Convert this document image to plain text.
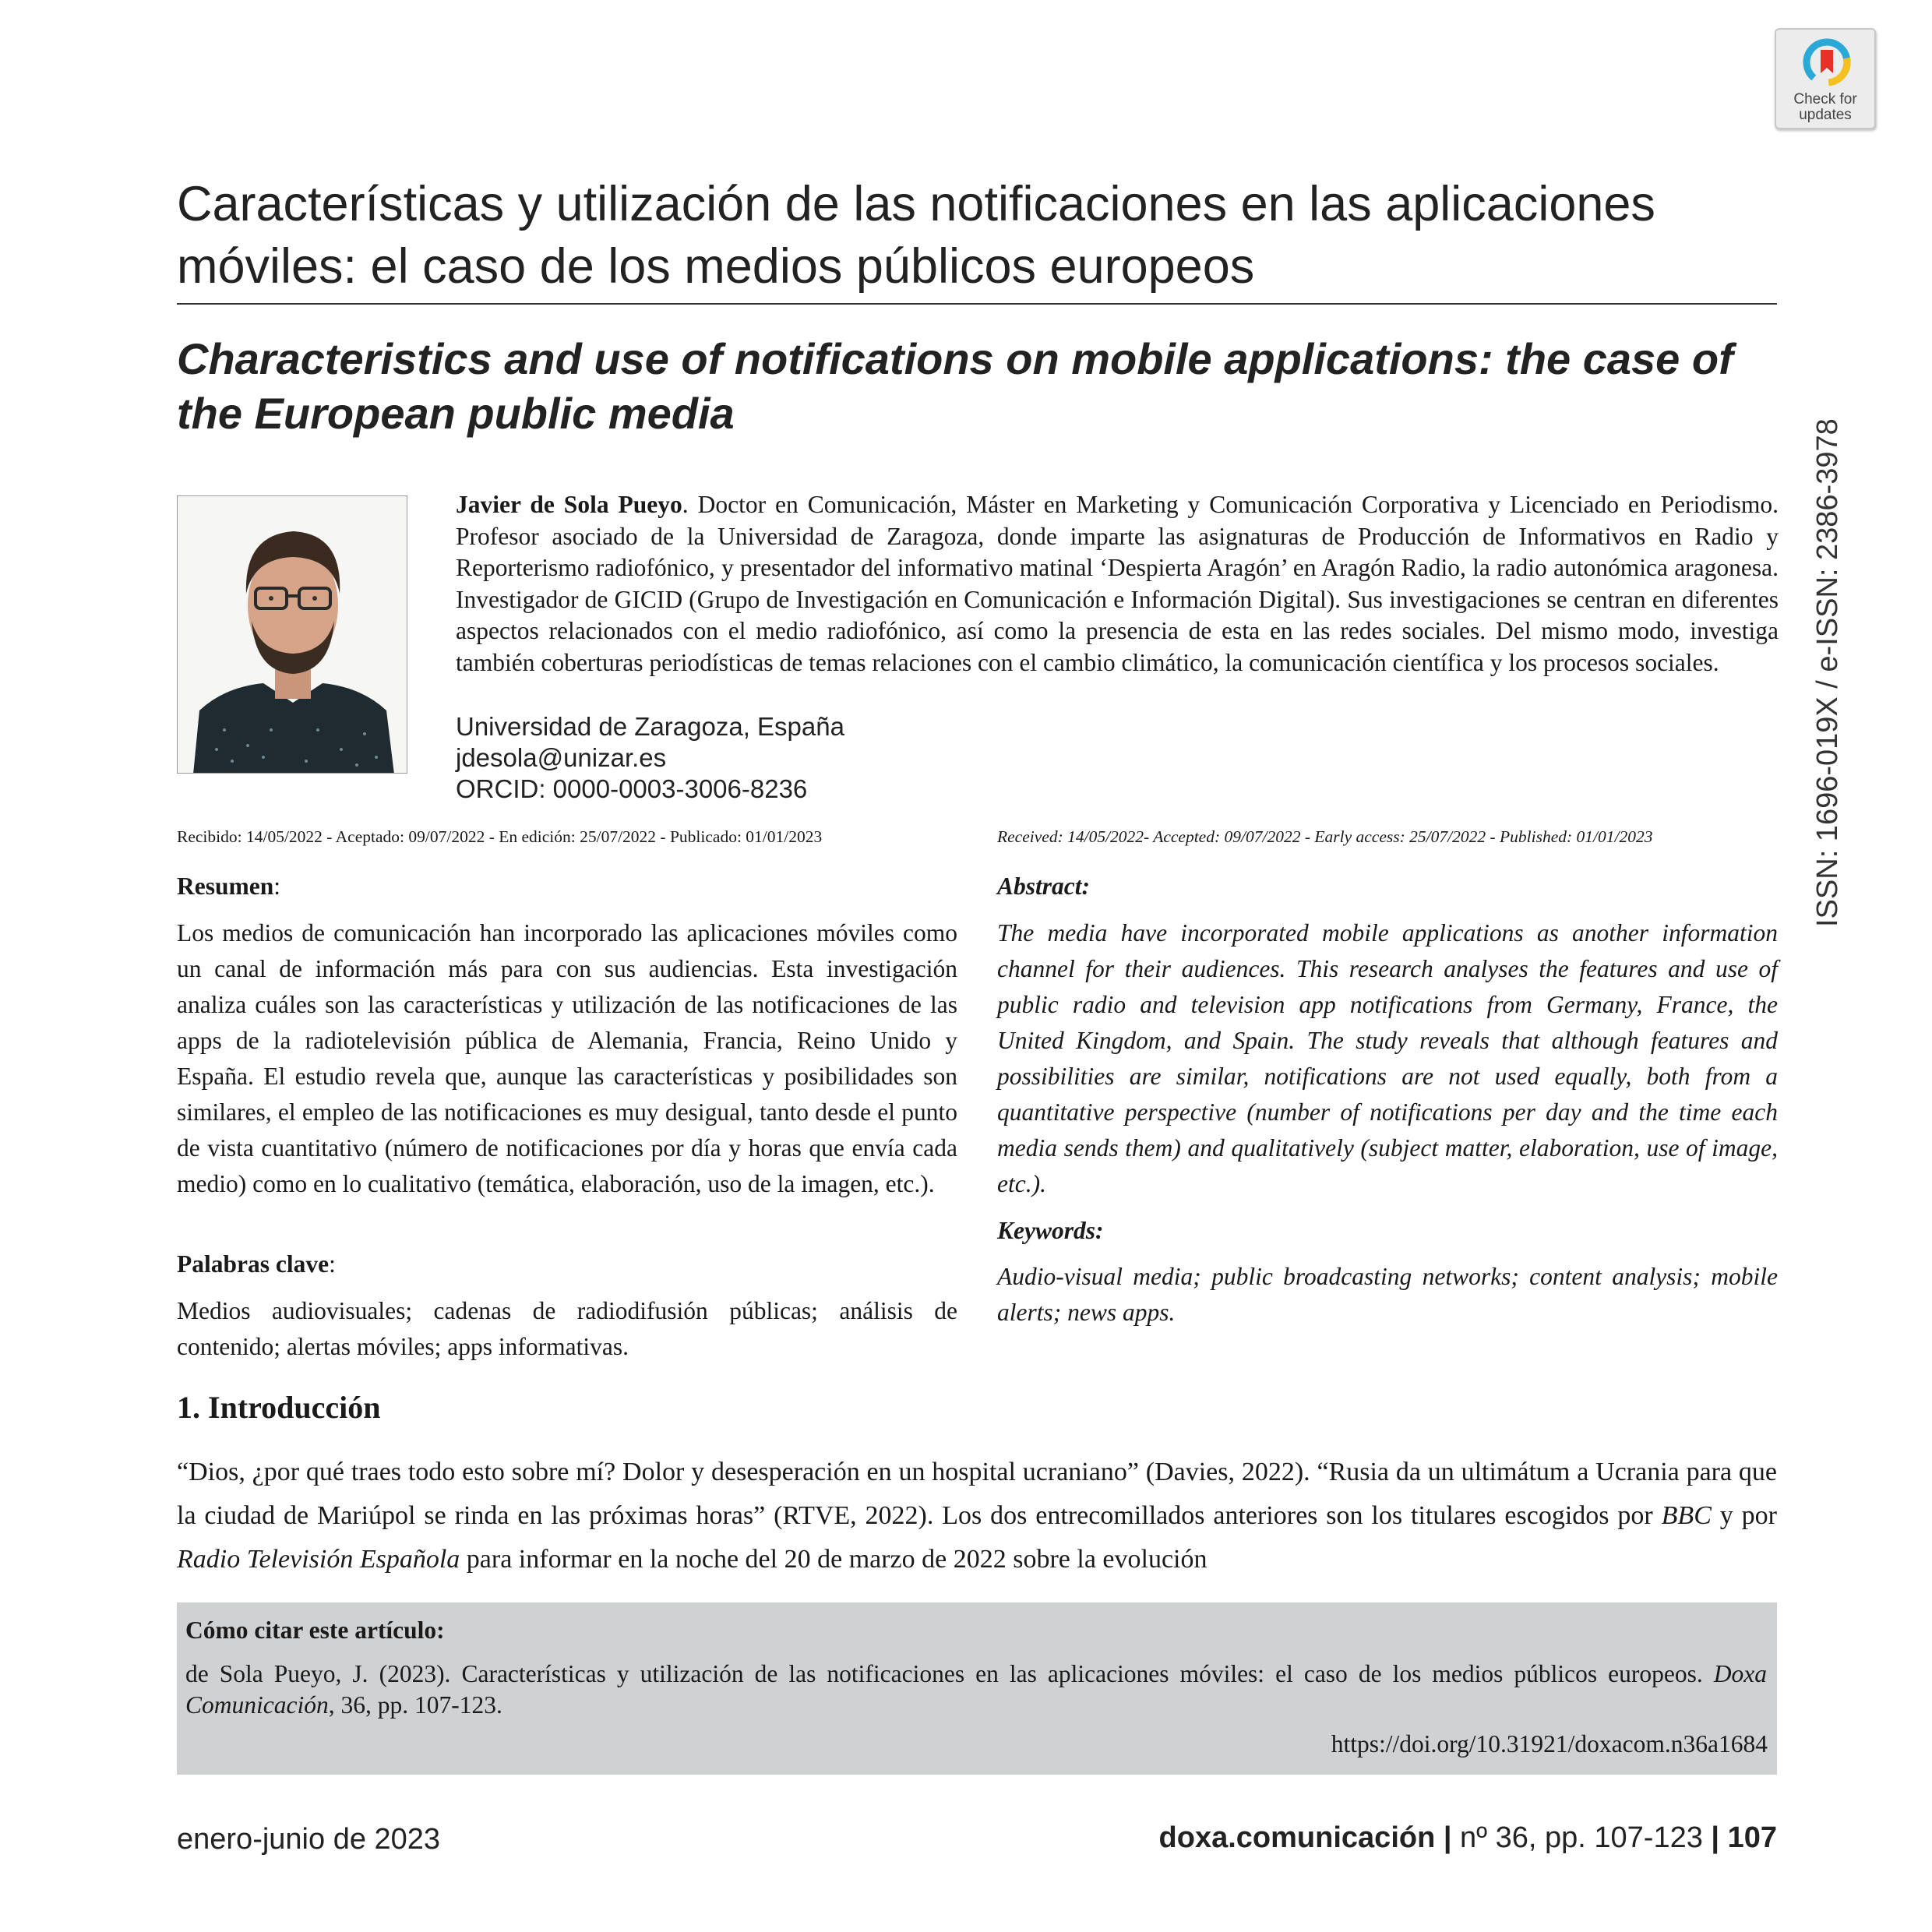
Check for
updates
Características y utilización de las notificaciones en las aplicaciones móviles: el caso de los medios públicos europeos
Characteristics and use of notifications on mobile applications: the case of the European public media
ISSN: 1696-019X / e-ISSN: 2386-3978

Javier de Sola Pueyo. Doctor en Comunicación, Máster en Marketing y Comunicación Corporativa y Licenciado en Periodismo. Profesor asociado de la Universidad de Zaragoza, donde imparte las asignaturas de Producción de Informativos en Radio y Reporterismo radiofónico, y presentador del informativo matinal ‘Despierta Aragón’ en Aragón Radio, la radio autonómica aragonesa. Investigador de GICID (Grupo de Investigación en Comunicación e Información Digital). Sus investigaciones se centran en diferentes aspectos relacionados con el medio radiofónico, así como la presencia de esta en las redes sociales. Del mismo modo, investiga también coberturas periodísticas de temas relaciones con el cambio climático, la comunicación científica y los procesos sociales.

Universidad de Zaragoza, España
jdesola@unizar.es
ORCID: 0000-0003-3006-8236
Recibido: 14/05/2022 - Aceptado: 09/07/2022 - En edición: 25/07/2022 - Publicado: 01/01/2023	Received: 14/05/2022- Accepted: 09/07/2022 - Early access: 25/07/2022 - Published: 01/01/2023
Resumen:

Los medios de comunicación han incorporado las aplicaciones móviles como un canal de información más para con sus audiencias. Esta investigación analiza cuáles son las características y utilización de las notificaciones de las apps de la radiotelevisión pública de Alemania, Francia, Reino Unido y España. El estudio revela que, aunque las características y posibilidades son similares, el empleo de las notificaciones es muy desigual, tanto desde el punto de vista cuantitativo (número de notificaciones por día y horas que envía cada medio) como en lo cualitativo (temática, elaboración, uso de la imagen, etc.).

Palabras clave:

Medios audiovisuales; cadenas de radiodifusión públicas; análisis de contenido; alertas móviles; apps informativas.

Abstract:

The media have incorporated mobile applications as another information channel for their audiences. This research analyses the features and use of public radio and television app notifications from Germany, France, the United Kingdom, and Spain. The study reveals that although features and possibilities are similar, notifications are not used equally, both from a quantitative perspective (number of notifications per day and the time each media sends them) and qualitatively (subject matter, elaboration, use of image, etc.).

Keywords:

Audio-visual media; public broadcasting networks; content analysis; mobile alerts; news apps.

1. Introducción

“Dios, ¿por qué traes todo esto sobre mí? Dolor y desesperación en un hospital ucraniano” (Davies, 2022). “Rusia da un ultimátum a Ucrania para que la ciudad de Mariúpol se rinda en las próximas horas” (RTVE, 2022). Los dos entrecomillados anteriores son los titulares escogidos por BBC y por Radio Televisión Española para informar en la noche del 20 de marzo de 2022 sobre la evolución

Cómo citar este artículo:

de Sola Pueyo, J. (2023). Características y utilización de las notificaciones en las aplicaciones móviles: el caso de los medios públicos europeos. Doxa Comunicación, 36, pp. 107-123.

https://doi.org/10.31921/doxacom.n36a1684
enero-junio de 2023	doxa.comunicación | nº 36, pp. 107-123 | 107
